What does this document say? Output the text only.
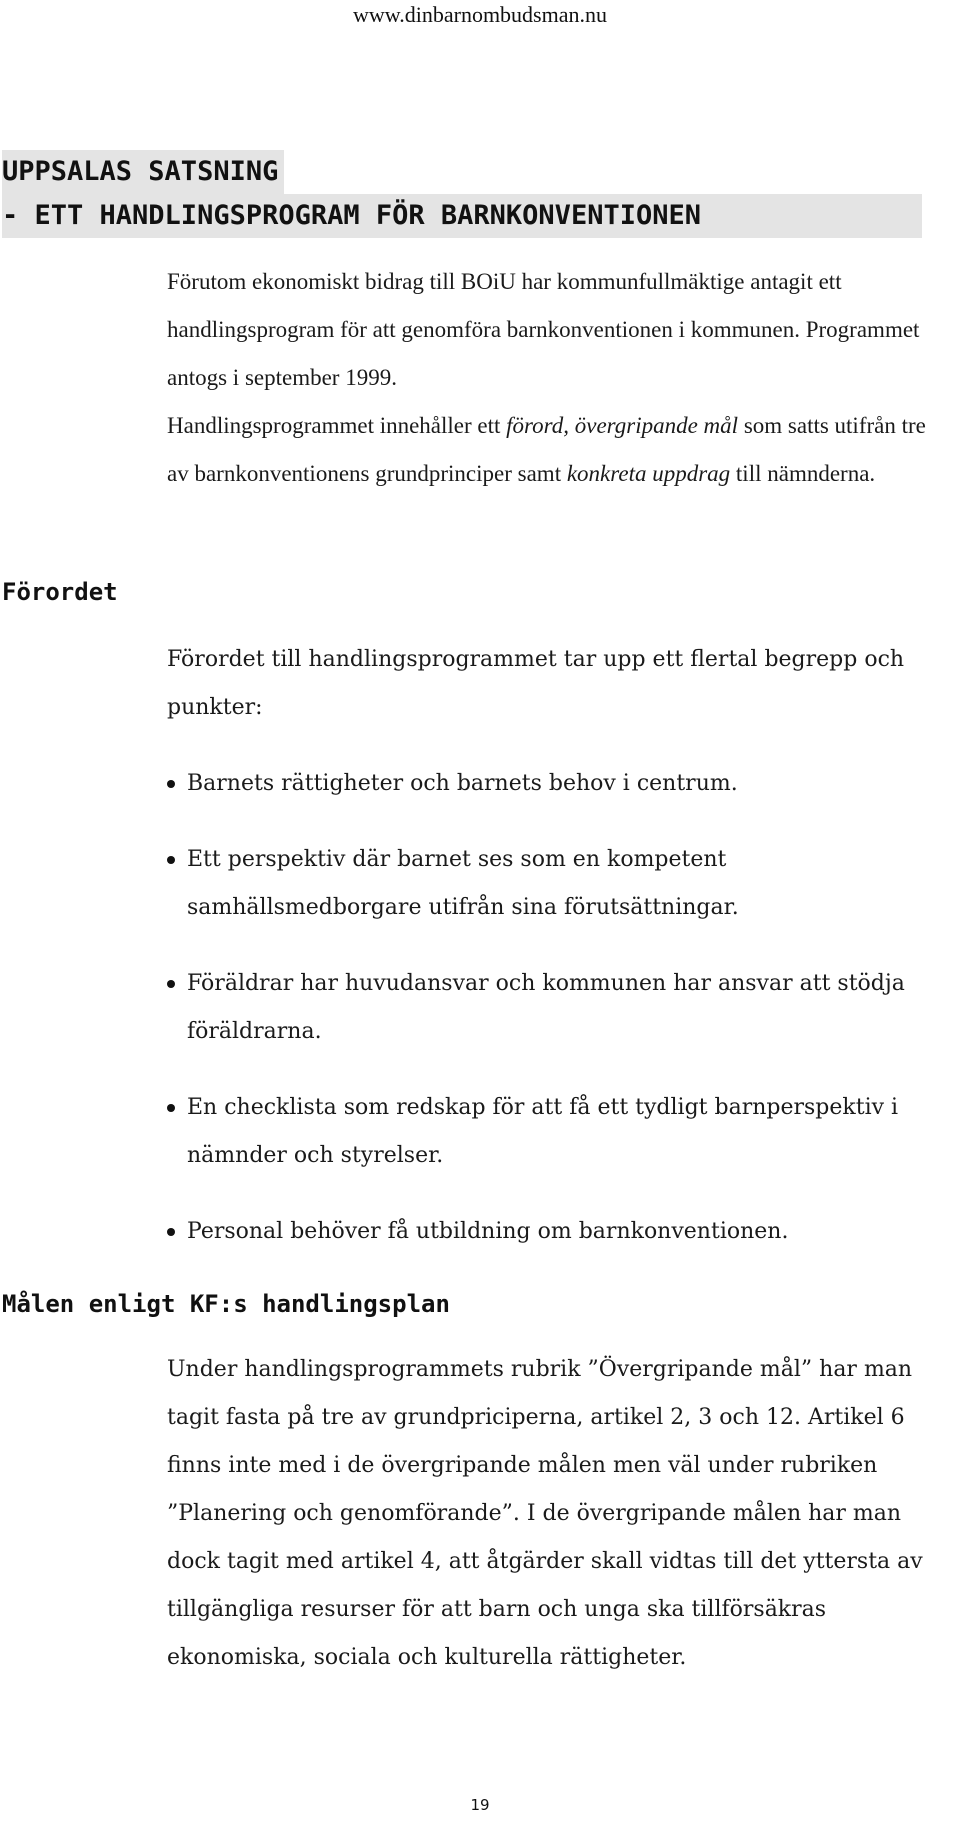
www.dinbarnombudsman.nu
UPPSALAS SATSNING
- ETT HANDLINGSPROGRAM FÖR BARNKONVENTIONEN
Förutom ekonomiskt bidrag till BOiU har kommunfullmäktige antagit ett handlingsprogram för att genomföra barnkonventionen i kommunen. Programmet antogs i september 1999.
Handlingsprogrammet innehåller ett förord, övergripande mål som satts utifrån tre av barnkonventionens grundprinciper samt konkreta uppdrag till nämnderna.
Förordet
Förordet till handlingsprogrammet tar upp ett flertal begrepp och punkter:
Barnets rättigheter och barnets behov i centrum.
Ett perspektiv där barnet ses som en kompetent samhällsmedborgare utifrån sina förutsättningar.
Föräldrar har huvudansvar och kommunen har ansvar att stödja föräldrarna.
En checklista som redskap för att få ett tydligt barnperspektiv i nämnder och styrelser.
Personal behöver få utbildning om barnkonventionen.
Målen enligt KF:s handlingsplan
Under handlingsprogrammets rubrik ”Övergripande mål” har man tagit fasta på tre av grundpriciperna, artikel 2, 3 och 12. Artikel 6 finns inte med i de övergripande målen men väl under rubriken ”Planering och genomförande”. I de övergripande målen har man dock tagit med artikel 4, att åtgärder skall vidtas till det yttersta av tillgängliga resurser för att barn och unga ska tillförsäkras ekonomiska, sociala och kulturella rättigheter.
19
